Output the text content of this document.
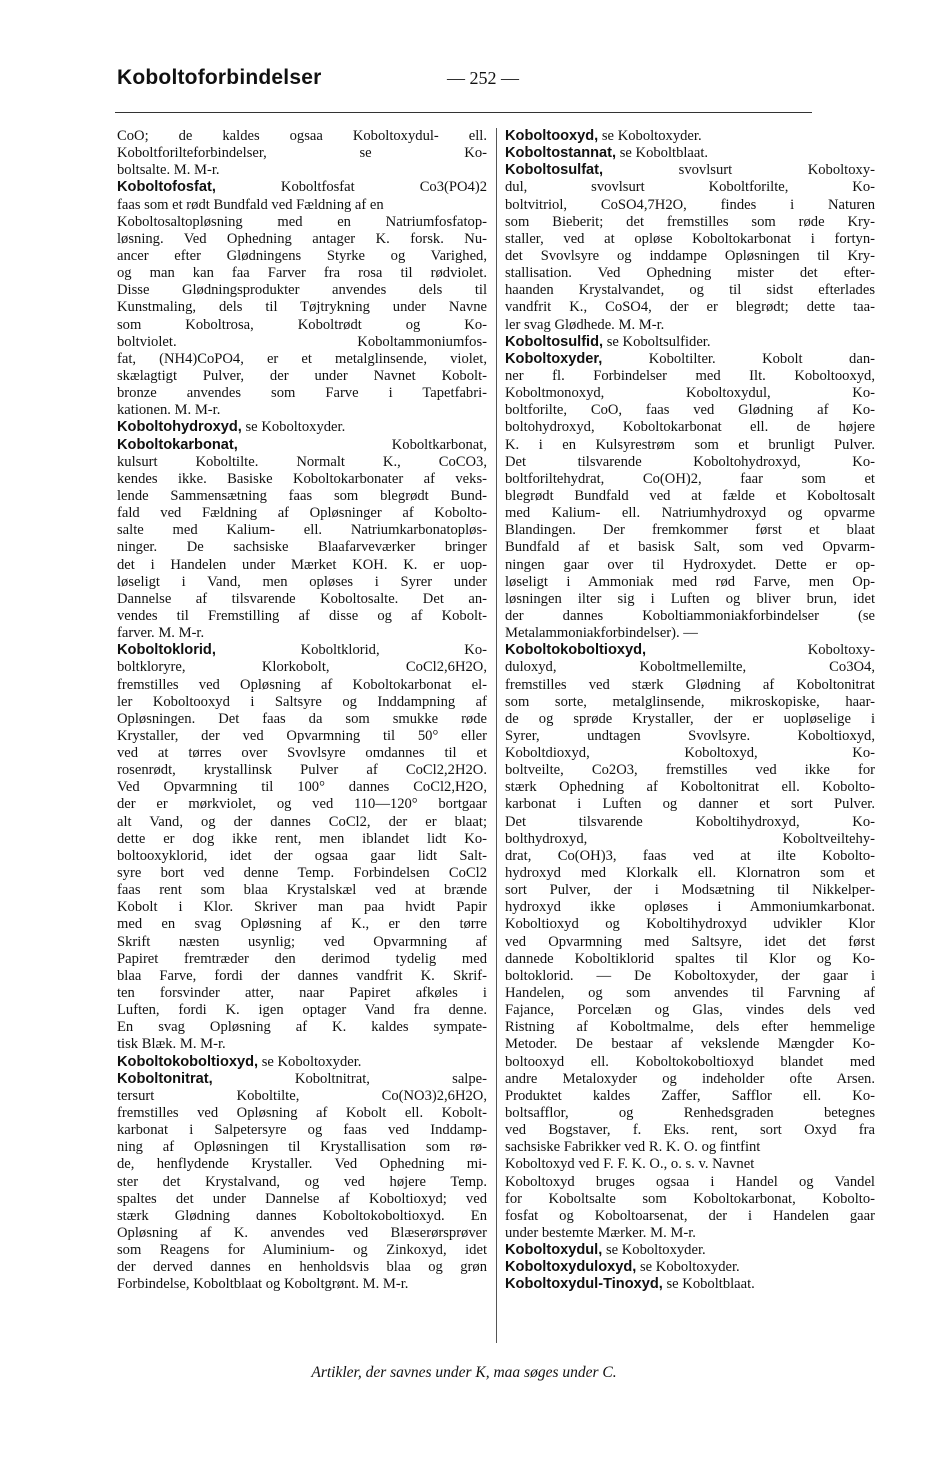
Koboltoforbindelser	— 252 —
CoO; de kaldes ogsaa Koboltoxydul- ell.
Koboltforilteforbindelser, se Ko-
boltsalte. M. M-r.
Koboltofosfat, Koboltfosfat Co3(PO4)2
faas som et rødt Bundfald ved Fældning af en
Koboltosaltopløsning med en Natriumfosfatop-
løsning. Ved Ophedning antager K. forsk. Nu-
ancer efter Glødningens Styrke og Varighed,
og man kan faa Farver fra rosa til rødviolet.
Disse Glødningsprodukter anvendes dels til
Kunstmaling, dels til Tøjtrykning under Navne
som Koboltrosa, Koboltrødt og Ko-
boltviolet. Koboltammoniumfos-
fat, (NH4)CoPO4, er et metalglinsende, violet,
skælagtigt Pulver, der under Navnet Kobolt-
bronze anvendes som Farve i Tapetfabri-
kationen. M. M-r.
Koboltohydroxyd, se Koboltoxyder.
Koboltokarbonat, Koboltkarbonat,
kulsurt Koboltilte. Normalt K., CoCO3,
kendes ikke. Basiske Koboltokarbonater af veks-
lende Sammensætning faas som blegrødt Bund-
fald ved Fældning af Opløsninger af Koboltо-
salte med Kalium- ell. Natriumkarbonatopløs-
ninger. De sachsiske Blaafarveværker bringer
det i Handelen under Mærket KOH. K. er uop-
løseligt i Vand, men opløses i Syrer under
Dannelse af tilsvarende Koboltosalte. Det an-
vendes til Fremstilling af disse og af Kobolt-
farver. M. M-r.
Koboltoklorid, Koboltklorid, Ko-
boltkloryre, Klorkobolt, CoCl2,6H2O,
fremstilles ved Opløsning af Koboltokarbonat el-
ler Koboltooxyd i Saltsyre og Inddampning af
Opløsningen. Det faas da som smukke røde
Krystaller, der ved Opvarmning til 50° eller
ved at tørres over Svovlsyre omdannes til et
rosenrødt, krystallinsk Pulver af CoCl2,2H2O.
Ved Opvarmning til 100° dannes CoCl2,H2O,
der er mørkviolet, og ved 110—120° bortgaar
alt Vand, og der dannes CoCl2, der er blaat;
dette er dog ikke rent, men iblandet lidt Ko-
boltooxyklorid, idet der ogsaa gaar lidt Salt-
syre bort ved denne Temp. Forbindelsen CoCl2
faas rent som blaa Krystalskæl ved at brænde
Kobolt i Klor. Skriver man paa hvidt Papir
med en svag Opløsning af K., er den tørre
Skrift næsten usynlig; ved Opvarmning af
Papiret fremtræder den derimod tydelig med
blaa Farve, fordi der dannes vandfrit K. Skrif-
ten forsvinder atter, naar Papiret afkøles i
Luften, fordi K. igen optager Vand fra denne.
En svag Opløsning af K. kaldes sympate-
tisk Blæk. M. M-r.
Koboltokoboltioxyd, se Koboltoxyder.
Koboltonitrat, Koboltnitrat, salpe-
tersurt Koboltilte, Co(NO3)2,6H2O,
fremstilles ved Opløsning af Kobolt ell. Kobolt-
karbonat i Salpetersyre og faas ved Inddamp-
ning af Opløsningen til Krystallisation som rø-
de, henflydende Krystaller. Ved Ophedning mi-
ster det Krystalvand, og ved højere Temp.
spaltes det under Dannelse af Koboltioxyd; ved
stærk Glødning dannes Koboltokoboltioxyd. En
Opløsning af K. anvendes ved Blæserørsprøver
som Reagens for Aluminium- og Zinkoxyd, idet
der derved dannes en henholdsvis blaa og grøn
Forbindelse, Koboltblaat og Koboltgrønt. M. M-r.
Koboltooxyd, se Koboltoxyder.
Koboltostannat, se Koboltblaat.
Koboltosulfat, svovlsurt Koboltoxy-
dul, svovlsurt Koboltforilte, Ko-
boltvitriol, CoSO4,7H2O, findes i Naturen
som Bieberit; det fremstilles som røde Kry-
staller, ved at opløse Koboltokarbonat i fortyn-
det Svovlsyre og inddampe Opløsningen til Kry-
stallisation. Ved Ophedning mister det efter-
haanden Krystalvandet, og til sidst efterlades
vandfrit K., CoSO4, der er blegrødt; dette taa-
ler svag Glødhede. M. M-r.
Koboltosulfid, se Koboltsulfider.
Koboltoxyder, Koboltilter. Kobolt dan-
ner fl. Forbindelser med Ilt. Koboltooxyd,
Koboltmonoxyd, Koboltoxydul, Ko-
boltforilte, CoO, faas ved Glødning af Ko-
boltohydroxyd, Koboltokarbonat ell. de højere
K. i en Kulsyrestrøm som et brunligt Pulver.
Det tilsvarende Koboltohydroxyd, Ko-
boltforiltehydrat, Co(OH)2, faar som et
blegrødt Bundfald ved at fælde et Koboltosalt
med Kalium- ell. Natriumhydroxyd og opvarme
Blandingen. Der fremkommer først et blaat
Bundfald af et basisk Salt, som ved Opvarm-
ningen gaar over til Hydroxydet. Dette er op-
løseligt i Ammoniak med rød Farve, men Op-
løsningen ilter sig i Luften og bliver brun, idet
der dannes Koboltiammoniakforbindelser (se
Metalammoniakforbindelser). —
Koboltokoboltioxyd, Koboltoxy-
duloxyd, Koboltmellemilte, Co3O4,
fremstilles ved stærk Glødning af Koboltonitrat
som sorte, metalglinsende, mikroskopiske, haar-
de og sprøde Krystaller, der er uopløselige i
Syrer, undtagen Svovlsyre. Koboltioxyd,
Koboltdioxyd, Koboltoxyd, Ko-
boltveilte, Co2O3, fremstilles ved ikke for
stærk Ophedning af Koboltonitrat ell. Kobolto-
karbonat i Luften og danner et sort Pulver.
Det tilsvarende Koboltihydroxyd, Ko-
bolthydroxyd, Koboltveiltehy-
drat, Co(OH)3, faas ved at ilte Kobolto-
hydroxyd med Klorkalk ell. Klornatron som et
sort Pulver, der i Modsætning til Nikkelper-
hydroxyd ikke opløses i Ammoniumkarbonat.
Koboltioxyd og Koboltihydroxyd udvikler Klor
ved Opvarmning med Saltsyre, idet det først
dannede Koboltiklorid spaltes til Klor og Ko-
boltoklorid. — De Koboltoxyder, der gaar i
Handelen, og som anvendes til Farvning af
Fajance, Porcelæn og Glas, vindes dels ved
Ristning af Koboltmalme, dels efter hemmelige
Metoder. De bestaar af vekslende Mængder Ko-
boltooxyd ell. Koboltokoboltioxyd blandet med
andre Metaloxyder og indeholder ofte Arsen.
Produktet kaldes Zaffer, Safflor ell. Ko-
boltsafflor, og Renhedsgraden betegnes
ved Bogstaver, f. Eks. rent, sort Oxyd fra
sachsiske Fabrikker ved R. K. O. og fintfint
Koboltoxyd ved F. F. K. O., o. s. v. Navnet
Koboltoxyd bruges ogsaa i Handel og Vandel
for Koboltsalte som Koboltokarbonat, Kobolto-
fosfat og Koboltoarsenat, der i Handelen gaar
under bestemte Mærker. M. M-r.
Koboltoxydul, se Koboltoxyder.
Koboltoxyduloxyd, se Koboltoxyder.
Koboltoxydul-Tinoxyd, se Koboltblaat.
Artikler, der savnes under K, maa søges under C.
